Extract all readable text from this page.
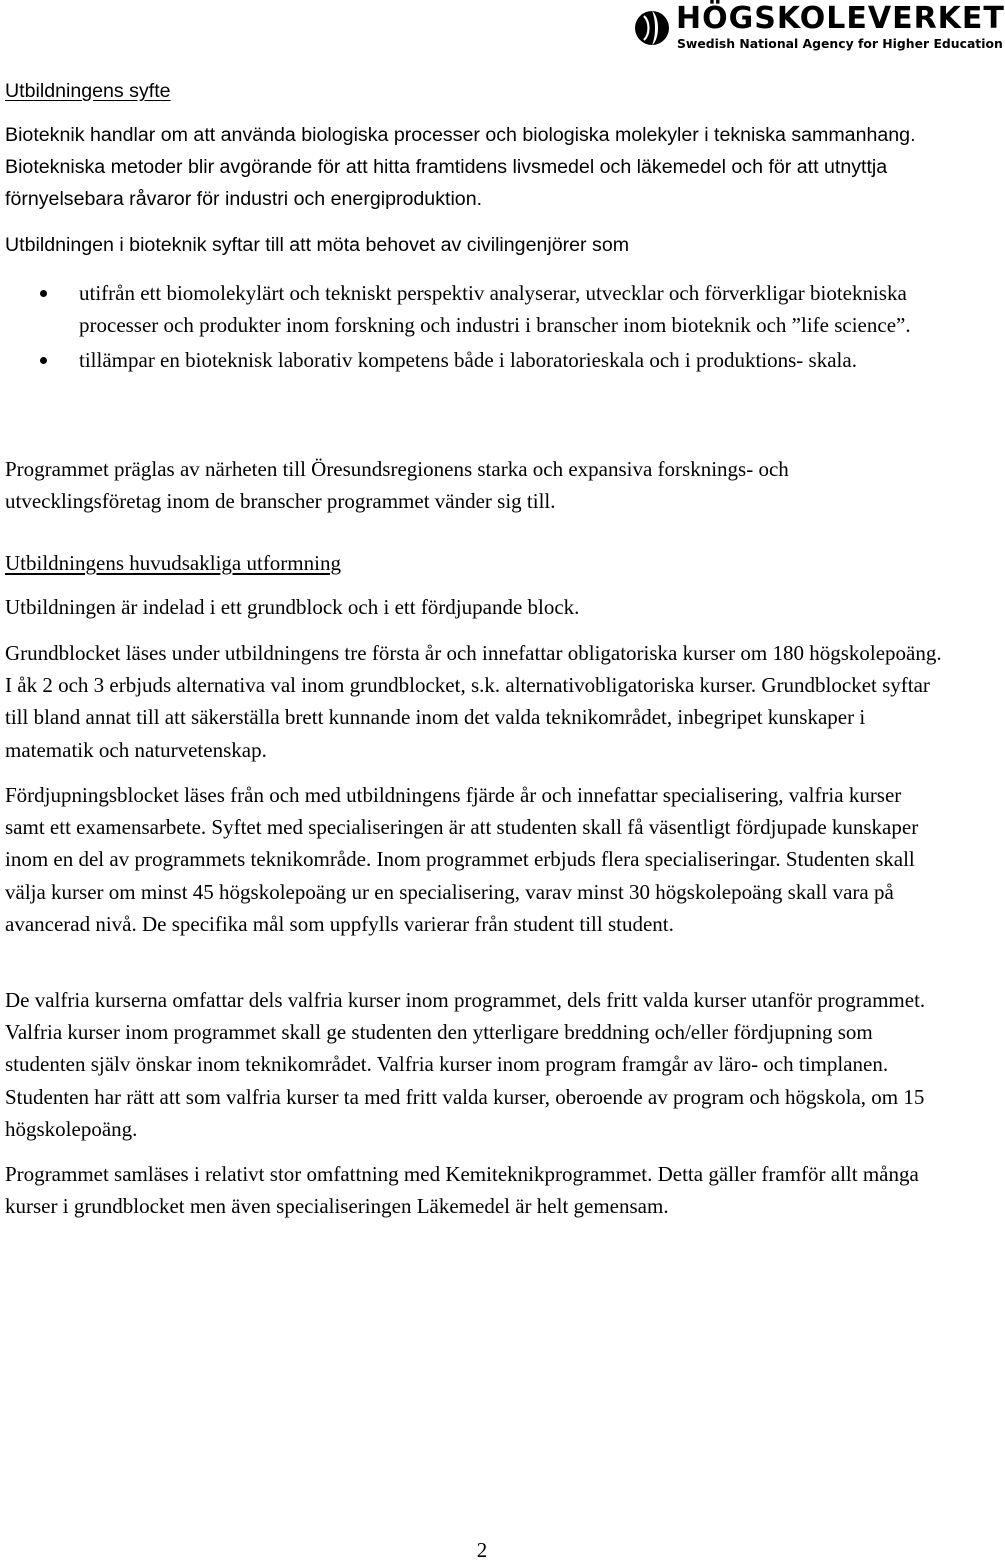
HÖGSKOLEVERKET
Swedish National Agency for Higher Education

Utbildningens syfte

Bioteknik handlar om att använda biologiska processer och biologiska molekyler i tekniska sammanhang. Biotekniska metoder blir avgörande för att hitta framtidens livsmedel och läkemedel och för att utnyttja förnyelsebara råvaror för industri och energiproduktion.

Utbildningen i bioteknik syftar till att möta behovet av civilingenjörer som

utifrån ett biomolekylärt och tekniskt perspektiv analyserar, utvecklar och förverkligar biotekniska processer och produkter inom forskning och industri i branscher inom bioteknik och ”life science”.
tillämpar en bioteknisk laborativ kompetens både i laboratorieskala och i produktions- skala.

Programmet präglas av närheten till Öresundsregionens starka och expansiva forsknings- och utvecklingsföretag inom de branscher programmet vänder sig till.

Utbildningens huvudsakliga utformning

Utbildningen är indelad i ett grundblock och i ett fördjupande block.

Grundblocket läses under utbildningens tre första år och innefattar obligatoriska kurser om 180 högskolepoäng. I åk 2 och 3 erbjuds alternativa val inom grundblocket, s.k. alternativobligatoriska kurser. Grundblocket syftar till bland annat till att säkerställa brett kunnande inom det valda teknikområdet, inbegripet kunskaper i matematik och naturvetenskap.

Fördjupningsblocket läses från och med utbildningens fjärde år och innefattar specialisering, valfria kurser samt ett examensarbete. Syftet med specialiseringen är att studenten skall få väsentligt fördjupade kunskaper inom en del av programmets teknikområde. Inom programmet erbjuds flera specialiseringar. Studenten skall välja kurser om minst 45 högskolepoäng ur en specialisering, varav minst 30 högskolepoäng skall vara på avancerad nivå. De specifika mål som uppfylls varierar från student till student.

De valfria kurserna omfattar dels valfria kurser inom programmet, dels fritt valda kurser utanför programmet. Valfria kurser inom programmet skall ge studenten den ytterligare breddning och/eller fördjupning som studenten själv önskar inom teknikområdet. Valfria kurser inom program framgår av läro- och timplanen. Studenten har rätt att som valfria kurser ta med fritt valda kurser, oberoende av program och högskola, om 15 högskolepoäng.

Programmet samläses i relativt stor omfattning med Kemiteknikprogrammet. Detta gäller framför allt många kurser i grundblocket men även specialiseringen Läkemedel är helt gemensam.

2
